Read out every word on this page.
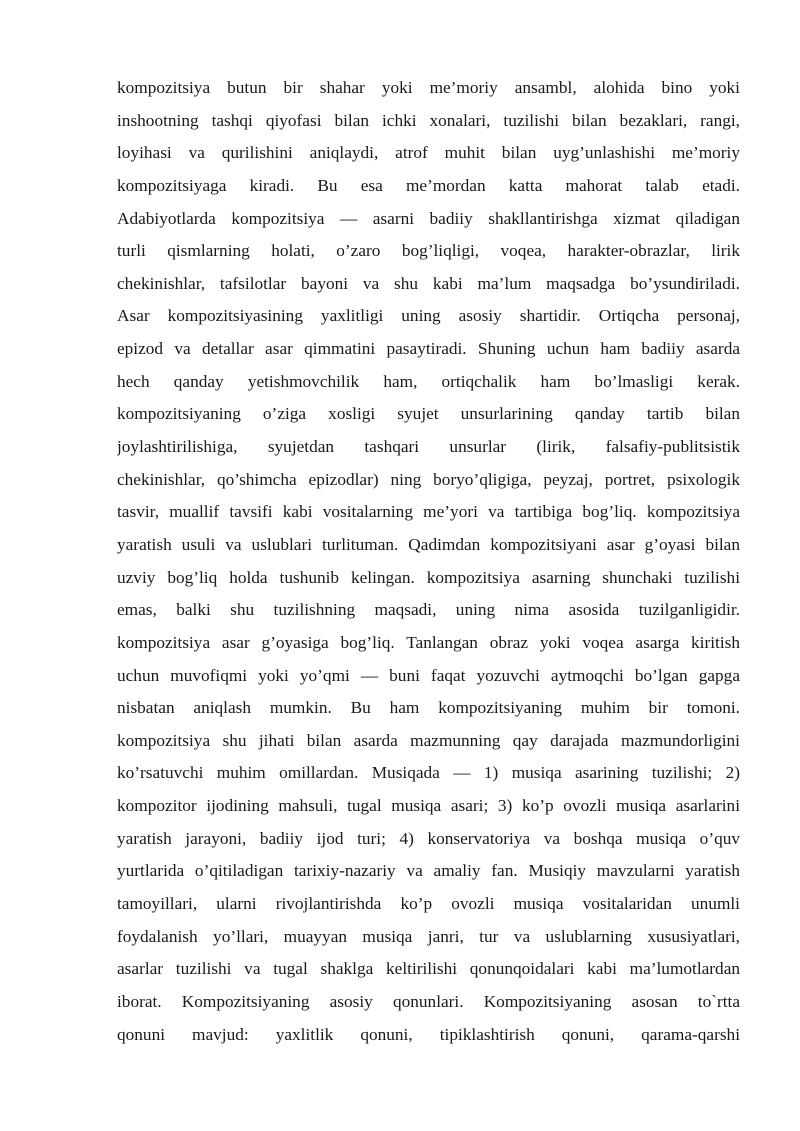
kompozitsiya butun bir shahar yoki me’moriy ansambl, alohida bino yoki
inshootning tashqi qiyofasi bilan ichki xonalari, tuzilishi bilan bezaklari, rangi,
loyihasi va qurilishini aniqlaydi, atrof muhit bilan uyg’unlashishi me’moriy
kompozitsiyaga kiradi. Bu esa me’mordan katta mahorat talab etadi.
Adabiyotlarda kompozitsiya — asarni badiiy shakllantirishga xizmat qiladigan
turli qismlarning holati, o’zaro bog’liqligi, voqea, harakter-obrazlar, lirik
chekinishlar, tafsilotlar bayoni va shu kabi ma’lum maqsadga bo’ysundiriladi.
Asar kompozitsiyasining yaxlitligi uning asosiy shartidir. Ortiqcha personaj,
epizod va detallar asar qimmatini pasaytiradi. Shuning uchun ham badiiy asarda
hech qanday yetishmovchilik ham, ortiqchalik ham bo’lmasligi kerak.
kompozitsiyaning o’ziga xosligi syujet unsurlarining qanday tartib bilan
joylashtirilishiga, syujetdan tashqari unsurlar (lirik, falsafiy-publitsistik
chekinishlar, qo’shimcha epizodlar) ning boryo’qligiga, peyzaj, portret, psixologik
tasvir, muallif tavsifi kabi vositalarning me’yori va tartibiga bog’liq. kompozitsiya
yaratish usuli va uslublari turlituman. Qadimdan kompozitsiyani asar g’oyasi bilan
uzviy bog’liq holda tushunib kelingan. kompozitsiya asarning shunchaki tuzilishi
emas, balki shu tuzilishning maqsadi, uning nima asosida tuzilganligidir.
kompozitsiya asar g’oyasiga bog’liq. Tanlangan obraz yoki voqea asarga kiritish
uchun muvofiqmi yoki yo’qmi — buni faqat yozuvchi aytmoqchi bo’lgan gapga
nisbatan aniqlash mumkin. Bu ham kompozitsiyaning muhim bir tomoni.
kompozitsiya shu jihati bilan asarda mazmunning qay darajada mazmundorligini
ko’rsatuvchi muhim omillardan. Musiqada — 1) musiqa asarining tuzilishi; 2)
kompozitor ijodining mahsuli, tugal musiqa asari; 3) ko’p ovozli musiqa asarlarini
yaratish jarayoni, badiiy ijod turi; 4) konservatoriya va boshqa musiqa o’quv
yurtlarida o’qitiladigan tarixiy-nazariy va amaliy fan. Musiqiy mavzularni yaratish
tamoyillari, ularni rivojlantirishda ko’p ovozli musiqa vositalaridan unumli
foydalanish yo’llari, muayyan musiqa janri, tur va uslublarning xususiyatlari,
asarlar tuzilishi va tugal shaklga keltirilishi qonunqoidalari kabi ma’lumotlardan
iborat. Kompozitsiyaning asosiy qonunlari. Kompozitsiyaning asosan to`rtta
qonuni mavjud: yaxlitlik qonuni, tipiklashtirish qonuni, qarama-qarshi
